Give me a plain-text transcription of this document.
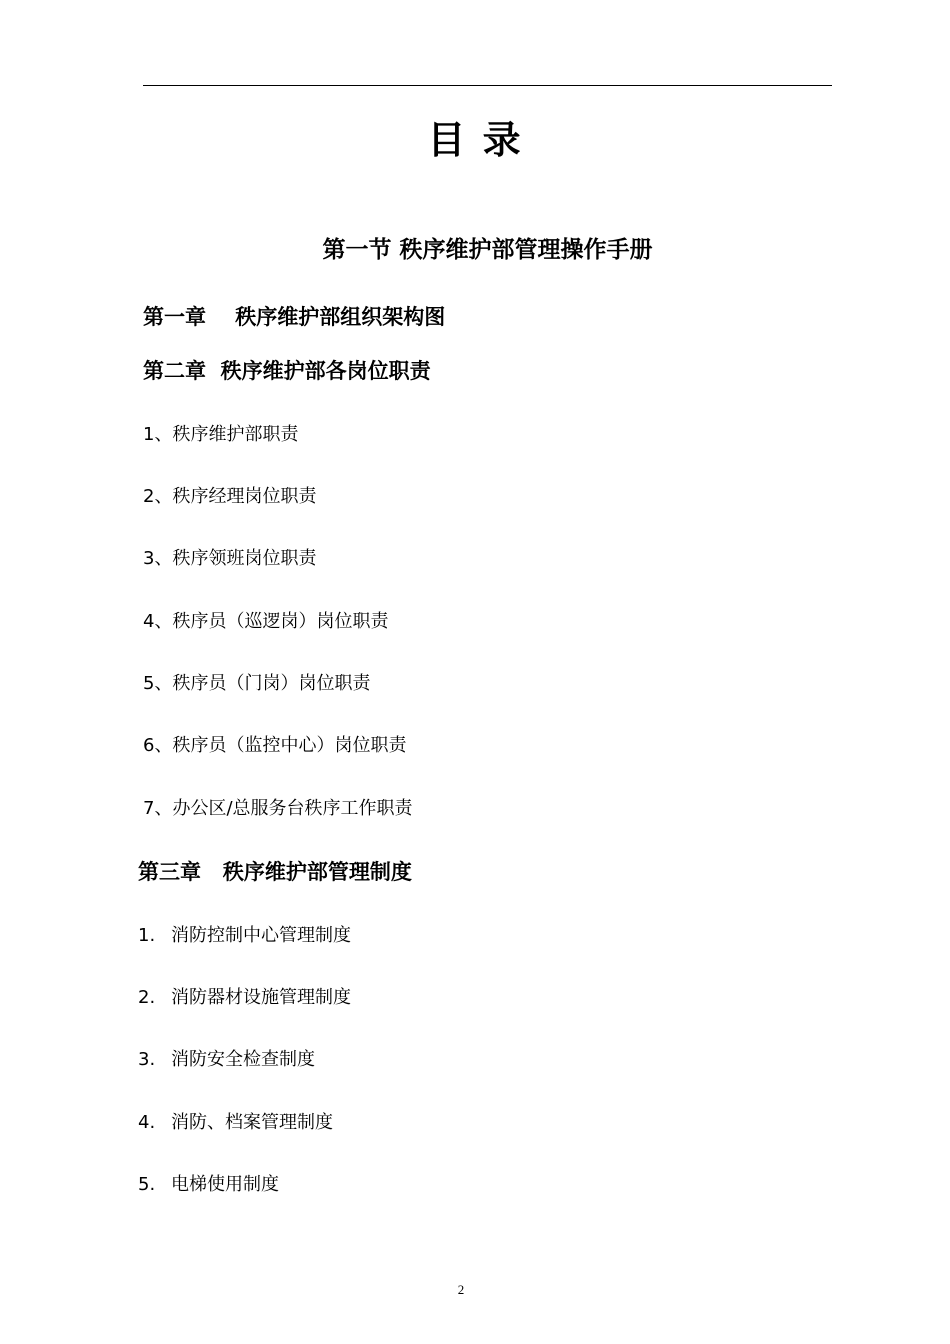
目 录
第一节 秩序维护部管理操作手册
第一章    秩序维护部组织架构图
第二章  秩序维护部各岗位职责
1、秩序维护部职责
2、秩序经理岗位职责
3、秩序领班岗位职责
4、秩序员（巡逻岗）岗位职责
5、秩序员（门岗）岗位职责
6、秩序员（监控中心）岗位职责
7、办公区/总服务台秩序工作职责
第三章   秩序维护部管理制度
1. 消防控制中心管理制度
2. 消防器材设施管理制度
3. 消防安全检查制度
4. 消防、档案管理制度
5. 电梯使用制度
2
